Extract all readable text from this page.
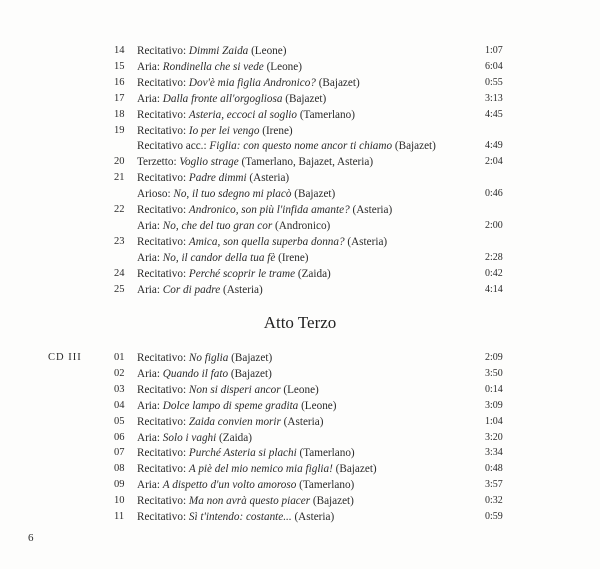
14 Recitativo: Dimmi Zaida (Leone)	1:07
15 Aria: Rondinella che si vede (Leone)	6:04
16 Recitativo: Dov'è mia figlia Andronico? (Bajazet)	0:55
17 Aria: Dalla fronte all'orgogliosa (Bajazet)	3:13
18 Recitativo: Asteria, eccoci al soglio (Tamerlano)	4:45
19 Recitativo: Io per lei vengo (Irene)
Recitativo acc.: Figlia: con questo nome ancor ti chiamo (Bajazet)	4:49
20 Terzetto: Voglio strage (Tamerlano, Bajazet, Asteria)	2:04
21 Recitativo: Padre dimmi (Asteria)
Arioso: No, il tuo sdegno mi placò (Bajazet)	0:46
22 Recitativo: Andronico, son più l'infida amante? (Asteria)
Aria: No, che del tuo gran cor (Andronico)	2:00
23 Recitativo: Amica, son quella superba donna? (Asteria)
Aria: No, il candor della tua fè (Irene)	2:28
24 Recitativo: Perché scoprir le trame (Zaida)	0:42
25 Aria: Cor di padre (Asteria)	4:14
Atto Terzo
CD III	01 Recitativo: No figlia (Bajazet)	2:09
02 Aria: Quando il fato (Bajazet)	3:50
03 Recitativo: Non si disperi ancor (Leone)	0:14
04 Aria: Dolce lampo di speme gradita (Leone)	3:09
05 Recitativo: Zaida convien morir (Asteria)	1:04
06 Aria: Solo i vaghi (Zaida)	3:20
07 Recitativo: Purché Asteria si plachi (Tamerlano)	3:34
08 Recitativo: A piè del mio nemico mia figlia! (Bajazet)	0:48
09 Aria: A dispetto d'un volto amoroso (Tamerlano)	3:57
10 Recitativo: Ma non avrà questo piacer (Bajazet)	0:32
11 Recitativo: Sì t'intendo: costante... (Asteria)	0:59
6
